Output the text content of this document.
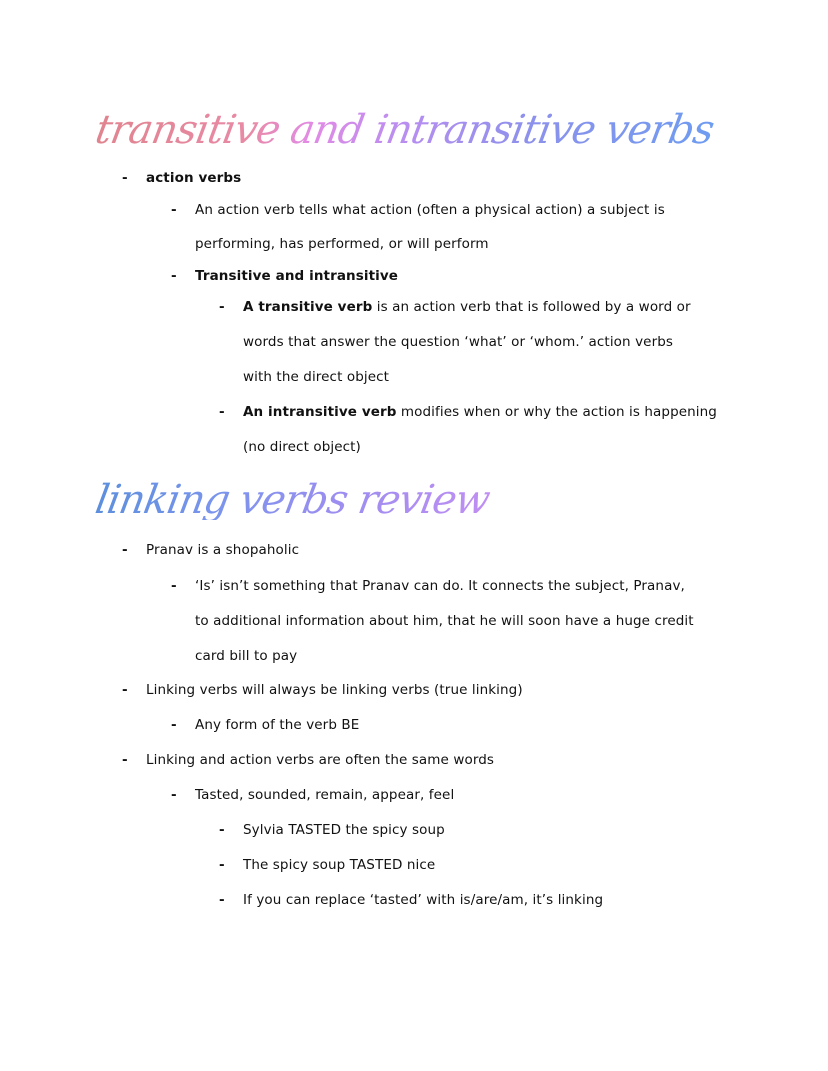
transitive and intransitive verbs
- action verbs
- An action verb tells what action (often a physical action) a subject is
performing, has performed, or will perform
- Transitive and intransitive
- A transitive verb is an action verb that is followed by a word or
words that answer the question ‘what’ or ‘whom.’ action verbs
with the direct object
- An intransitive verb modifies when or why the action is happening
(no direct object)
linking verbs review
- Pranav is a shopaholic
- ‘Is’ isn’t something that Pranav can do. It connects the subject, Pranav,
to additional information about him, that he will soon have a huge credit
card bill to pay
- Linking verbs will always be linking verbs (true linking)
- Any form of the verb BE
- Linking and action verbs are often the same words
- Tasted, sounded, remain, appear, feel
- Sylvia TASTED the spicy soup
- The spicy soup TASTED nice
- If you can replace ‘tasted’ with is/are/am, it’s linking
